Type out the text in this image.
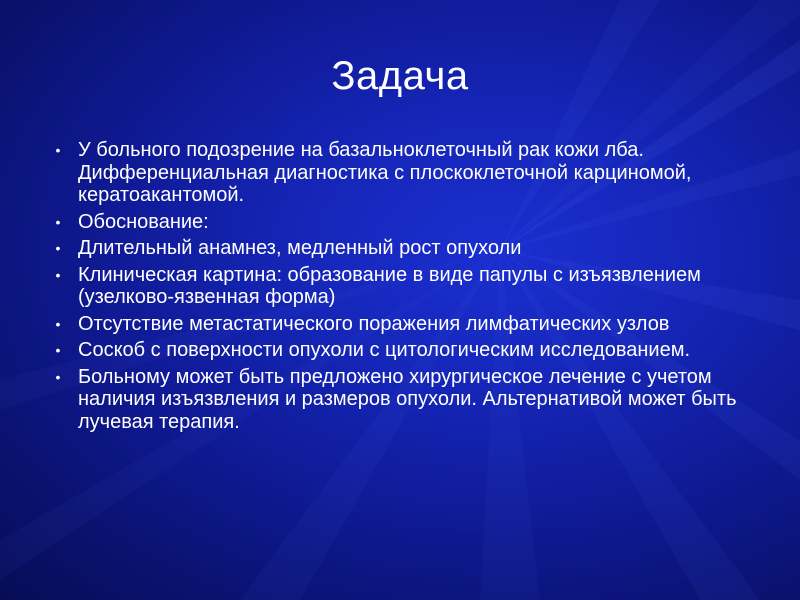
Задача
• У больного подозрение на базальноклеточный рак кожи лба. Дифференциальная диагностика с плоскоклеточной карциномой, кератоакантомой.
• Обоснование:
• Длительный анамнез, медленный рост опухоли
• Клиническая картина: образование в виде папулы с изъязвлением (узелково-язвенная форма)
• Отсутствие метастатического поражения лимфатических узлов
• Соскоб с поверхности опухоли с цитологическим исследованием.
• Больному может быть предложено хирургическое лечение с учетом наличия изъязвления и размеров опухоли. Альтернативой может быть лучевая терапия.
